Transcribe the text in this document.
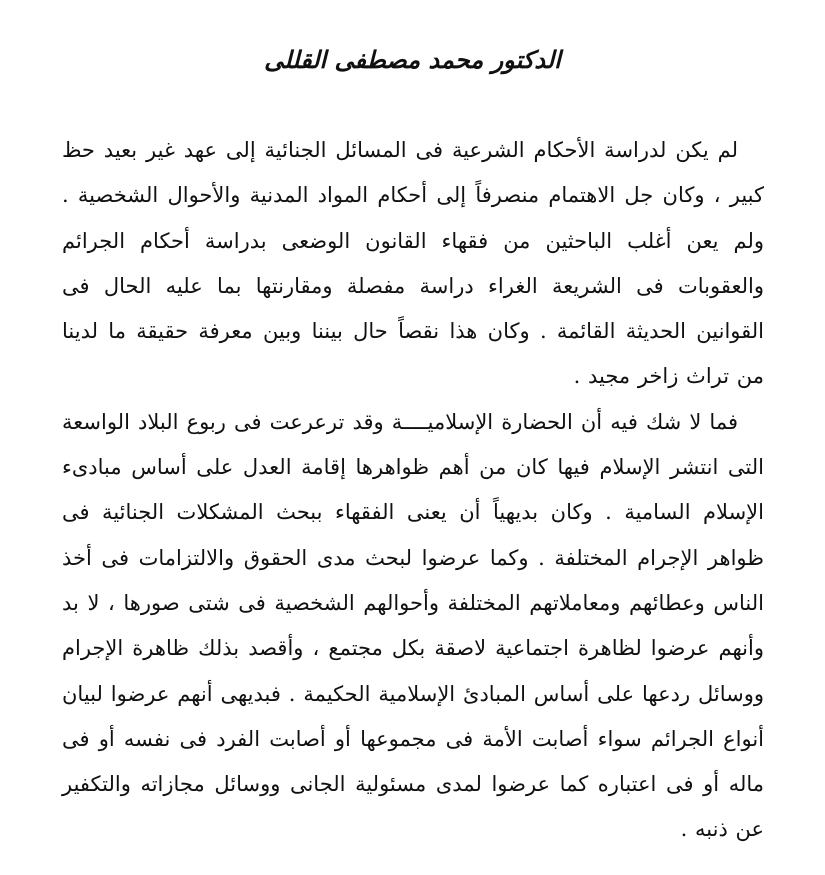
الدكتور محمد مصطفى القللى

لم يكن لدراسة الأحكام الشرعية فى المسائل الجنائية إلى عهد غير بعيد حظ كبير ، وكان جل الاهتمام منصرفاً إلى أحكام المواد المدنية والأحوال الشخصية . ولم يعن أغلب الباحثين من فقهاء القانون الوضعى بدراسة أحكام الجرائم والعقوبات فى الشريعة الغراء دراسة مفصلة ومقارنتها بما عليه الحال فى القوانين الحديثة القائمة . وكان هذا نقصاً حال بيننا وبين معرفة حقيقة ما لدينا من تراث زاخر مجيد .

فما لا شك فيه أن الحضارة الإسلاميــــة وقد ترعرعت فى ربوع البلاد الواسعة التى انتشر الإسلام فيها كان من أهم ظواهرها إقامة العدل على أساس مبادىء الإسلام السامية . وكان بديهياً أن يعنى الفقهاء ببحث المشكلات الجنائية فى ظواهر الإجرام المختلفة . وكما عرضوا لبحث مدى الحقوق والالتزامات فى أخذ الناس وعطائهم ومعاملاتهم المختلفة وأحوالهم الشخصية فى شتى صورها ، لا بد وأنهم عرضوا لظاهرة اجتماعية لاصقة بكل مجتمع ، وأقصد بذلك ظاهرة الإجرام ووسائل ردعها على أساس المبادئ الإسلامية الحكيمة . فبديهى أنهم عرضوا لبيان أنواع الجرائم سواء أصابت الأمة فى مجموعها أو أصابت الفرد فى نفسه أو فى ماله أو فى اعتباره كما عرضوا لمدى مسئولية الجانى ووسائل مجازاته والتكفير عن ذنبه .
